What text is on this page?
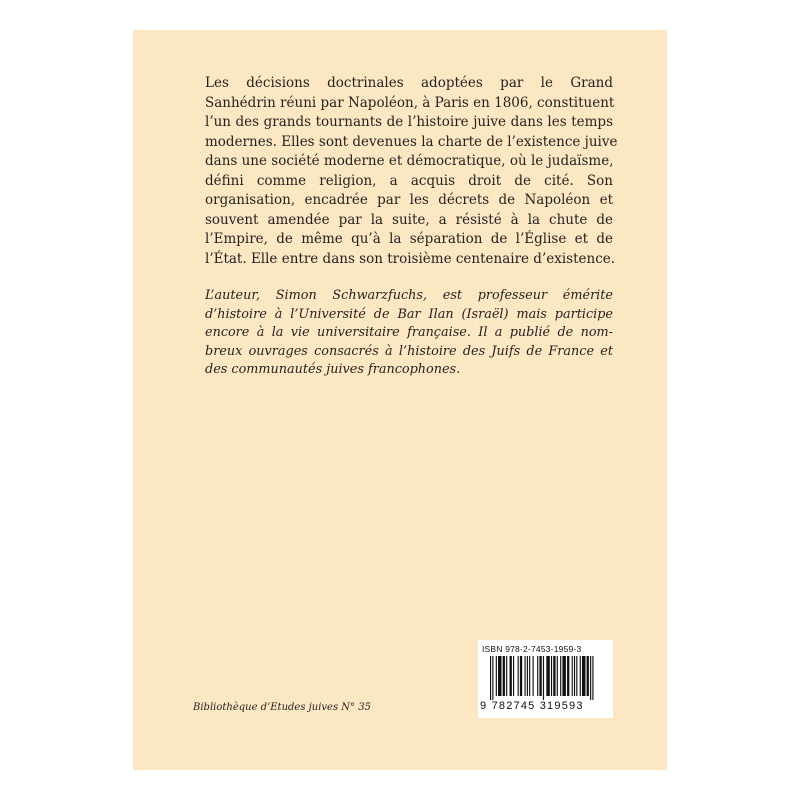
Les décisions doctrinales adoptées par le Grand
Sanhédrin réuni par Napoléon, à Paris en 1806, constituent
l’un des grands tournants de l’histoire juive dans les temps
modernes. Elles sont devenues la charte de l’existence juive
dans une société moderne et démocratique, où le judaïsme,
défini comme religion, a acquis droit de cité. Son
organisation, encadrée par les décrets de Napoléon et
souvent amendée par la suite, a résisté à la chute de
l’Empire, de même qu’à la séparation de l’Église et de
l’État. Elle entre dans son troisième centenaire d’existence.
L’auteur, Simon Schwarzfuchs, est professeur émérite
d’histoire à l’Université de Bar Ilan (Israël) mais participe
encore à la vie universitaire française. Il a publié de nom-
breux ouvrages consacrés à l’histoire des Juifs de France et
des communautés juives francophones.
Bibliothèque d’Etudes juives N° 35
ISBN 978-2-7453-1959-3
9 782745 319593
